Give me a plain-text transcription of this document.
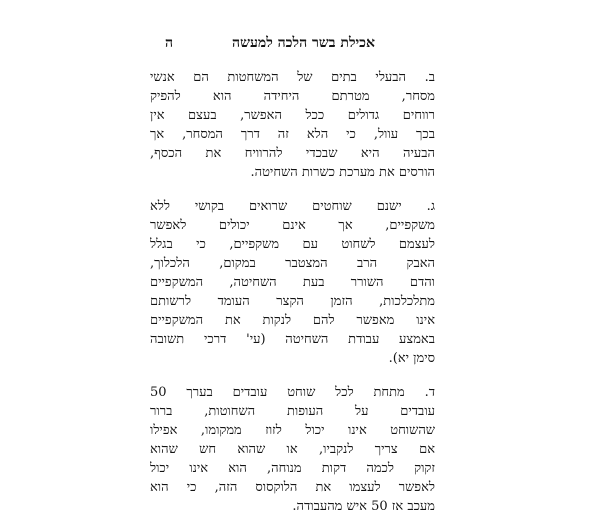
אכילת בשר הלכה למעשה
ה
ב. הבעלי בתים של המשחטות הם אנשי
מסחר, מטרתם היחידה הוא להפיק
רווחים גדולים ככל האפשר, בעצם אין
בכך עוול, כי הלא זה דרך המסחר, אך
הבעיה היא שבכדי להרוויח את הכסף,
הורסים את מערכת כשרות השחיטה.
ג. ישנם שוחטים שרואים בקושי ללא
משקפיים, אך אינם יכולים לאפשר
לעצמם לשחוט עם משקפיים, כי בגלל
האבק הרב המצטבר במקום, הלכלוך,
והדם השורר בעת השחיטה, המשקפיים
מתלכלכות, הזמן הקצר העומד לרשותם
אינו מאפשר להם לנקות את המשקפיים
באמצע עבודת השחיטה (עי' דרכי תשובה
סימן יא).
ד. מתחת לכל שוחט עובדים בערך 50
עובדים על העופות השחוטות, ברור
שהשוחט אינו יכול לזוז ממקומו, אפילו
אם צריך לנקביו, או שהוא חש שהוא
זקוק לכמה דקות מנוחה, הוא אינו יכול
לאפשר לעצמו את הלוקסוס הזה, כי הוא
מעכב אז 50 איש מהעבודה.
